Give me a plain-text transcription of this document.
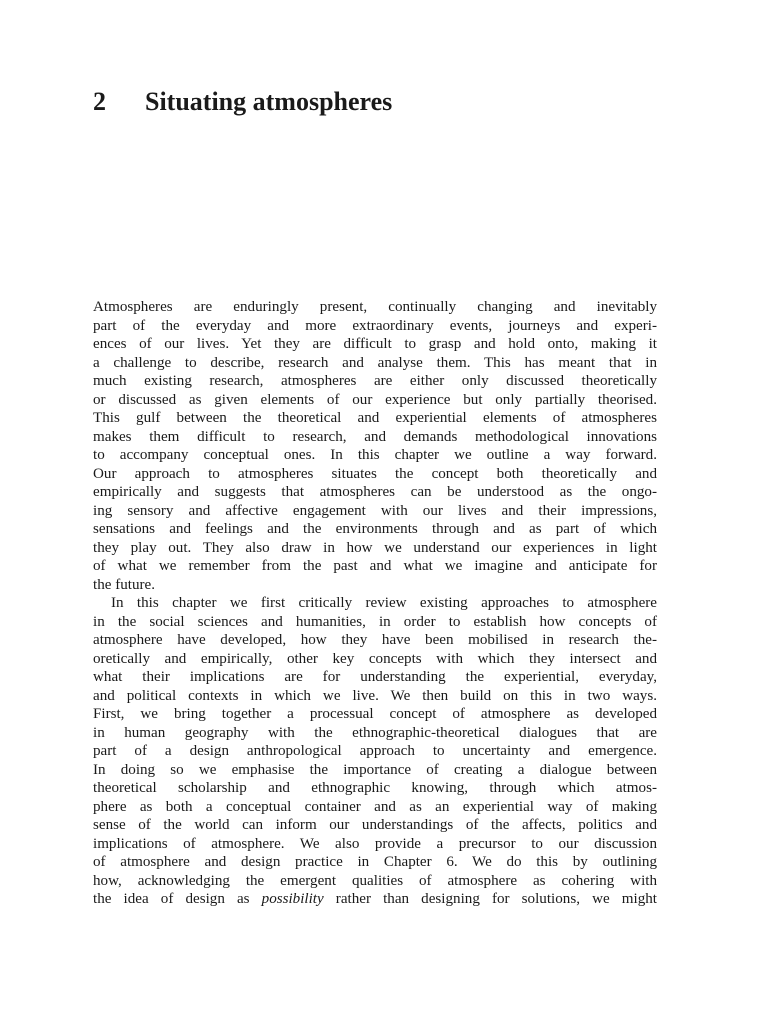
2 Situating atmospheres
Atmospheres are enduringly present, continually changing and inevitably
part of the everyday and more extraordinary events, journeys and experi-
ences of our lives. Yet they are difficult to grasp and hold onto, making it
a challenge to describe, research and analyse them. This has meant that in
much existing research, atmospheres are either only discussed theoretically
or discussed as given elements of our experience but only partially theorised.
This gulf between the theoretical and experiential elements of atmospheres
makes them difficult to research, and demands methodological innovations
to accompany conceptual ones. In this chapter we outline a way forward.
Our approach to atmospheres situates the concept both theoretically and
empirically and suggests that atmospheres can be understood as the ongo-
ing sensory and affective engagement with our lives and their impressions,
sensations and feelings and the environments through and as part of which
they play out. They also draw in how we understand our experiences in light
of what we remember from the past and what we imagine and anticipate for
the future.
In this chapter we first critically review existing approaches to atmosphere
in the social sciences and humanities, in order to establish how concepts of
atmosphere have developed, how they have been mobilised in research the-
oretically and empirically, other key concepts with which they intersect and
what their implications are for understanding the experiential, everyday,
and political contexts in which we live. We then build on this in two ways.
First, we bring together a processual concept of atmosphere as developed
in human geography with the ethnographic-theoretical dialogues that are
part of a design anthropological approach to uncertainty and emergence.
In doing so we emphasise the importance of creating a dialogue between
theoretical scholarship and ethnographic knowing, through which atmos-
phere as both a conceptual container and as an experiential way of making
sense of the world can inform our understandings of the affects, politics and
implications of atmosphere. We also provide a precursor to our discussion
of atmosphere and design practice in Chapter 6. We do this by outlining
how, acknowledging the emergent qualities of atmosphere as cohering with
the idea of design as possibility rather than designing for solutions, we might
